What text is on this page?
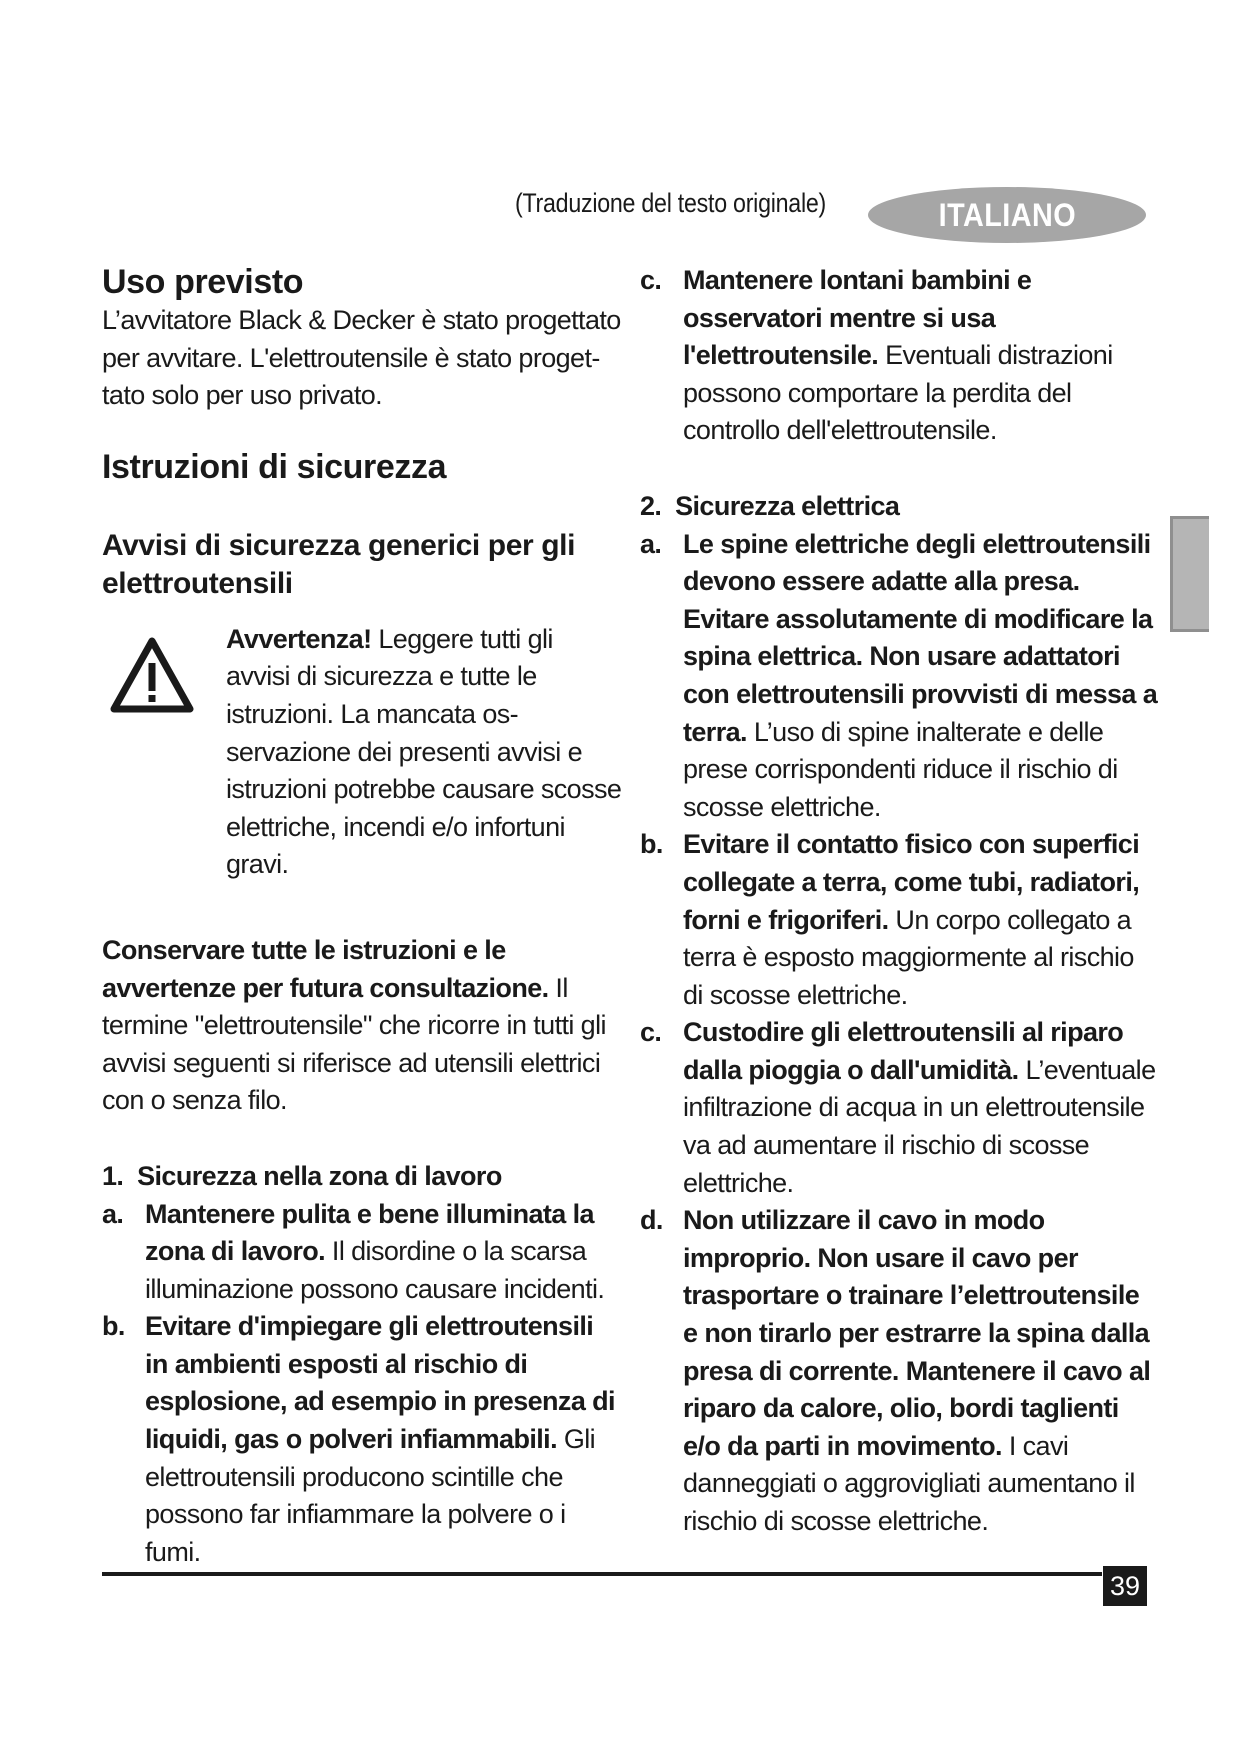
(Traduzione del testo originale)	ITALIANO
Uso previsto

L’avvitatore Black & Decker è stato progettato per avvitare. L'elettroutensile è stato proget-tato solo per uso privato.

Istruzioni di sicurezza
Avvisi di sicurezza generici per gli elettroutensili

Avvertenza! Leggere tutti gli avvisi di sicurezza e tutte le istruzioni. La mancata os-servazione dei presenti avvisi e istruzioni potrebbe causare scosse elettriche, incendi e/o infortuni gravi.

Conservare tutte le istruzioni e le avvertenze per futura consultazione. Il termine "elettroutensile" che ricorre in tutti gli avvisi seguenti si riferisce ad utensili elettrici con o senza filo.

1.  Sicurezza nella zona di lavoro

a. Mantenere pulita e bene illuminata la zona di lavoro. Il disordine o la scarsa illuminazione possono causare incidenti.
b. Evitare d'impiegare gli elettroutensili in ambienti esposti al rischio di esplosione, ad esempio in presenza di liquidi, gas o polveri infiammabili. Gli elettroutensili producono scintille che possono far infiammare la polvere o i fumi.
c. Mantenere lontani bambini e osservatori mentre si usa l'elettroutensile. Eventuali distrazioni possono comportare la perdita del controllo dell'elettroutensile.

2.  Sicurezza elettrica

a. Le spine elettriche degli elettroutensili devono essere adatte alla presa. Evitare assolutamente di modificare la spina elettrica. Non usare adattatori con elettroutensili provvisti di messa a terra. L’uso di spine inalterate e delle prese corrispondenti riduce il rischio di scosse elettriche.
b. Evitare il contatto fisico con superfici collegate a terra, come tubi, radiatori, forni e frigoriferi. Un corpo collegato a terra è esposto maggiormente al rischio di scosse elettriche.
c. Custodire gli elettroutensili al riparo dalla pioggia o dall'umidità. L’eventuale infiltrazione di acqua in un elettroutensile va ad aumentare il rischio di scosse elettriche.
d. Non utilizzare il cavo in modo improprio. Non usare il cavo per trasportare o trainare l’elettroutensile e non tirarlo per estrarre la spina dalla presa di corrente. Mantenere il cavo al riparo da calore, olio, bordi taglienti e/o da parti in movimento. I cavi danneggiati o aggrovigliati aumentano il rischio di scosse elettriche.
39
